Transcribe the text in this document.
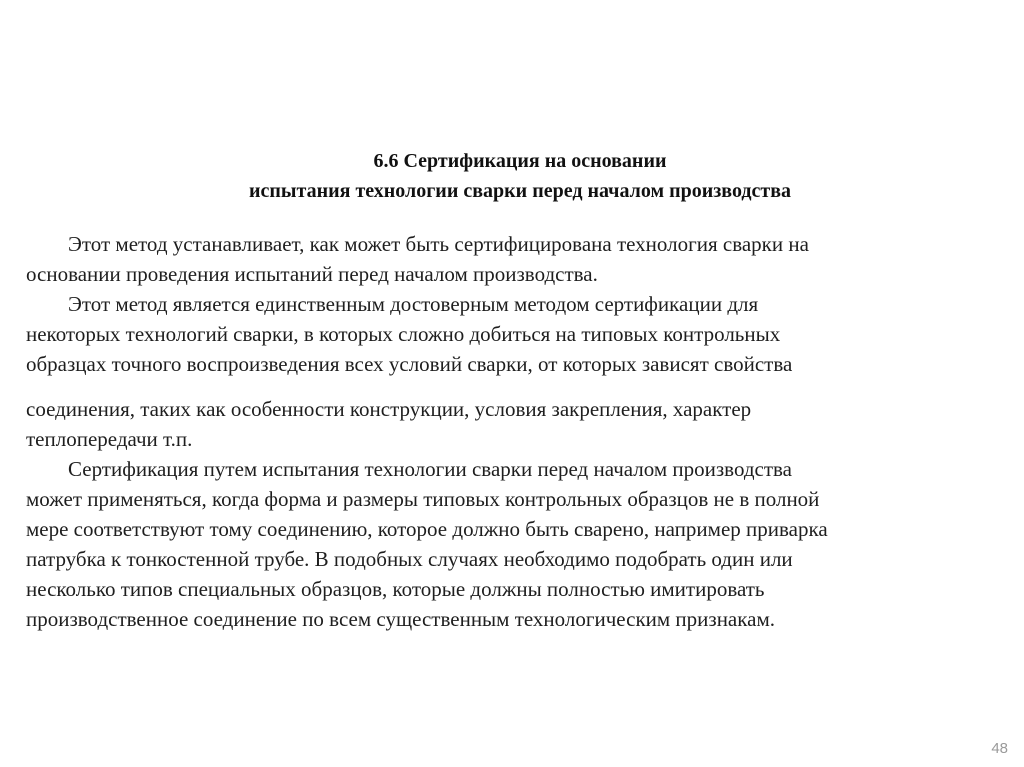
6.6 Сертификация на основании
испытания технологии сварки перед началом производства
Этот метод устанавливает, как может быть сертифицирована технология сварки на
основании проведения испытаний перед началом производства.
Этот метод является единственным достоверным методом сертификации для
некоторых технологий сварки, в которых сложно добиться на типовых контрольных
образцах точного воспроизведения всех условий сварки, от которых зависят свойства
соединения, таких как особенности конструкции, условия закрепления, характер
теплопередачи т.п.
Сертификация путем испытания технологии сварки перед началом производства
может применяться, когда форма и размеры типовых контрольных образцов не в полной
мере соответствуют тому соединению, которое должно быть сварено, например приварка
патрубка к тонкостенной трубе. В подобных случаях необходимо подобрать один или
несколько типов специальных образцов, которые должны полностью имитировать
производственное соединение по всем существенным технологическим признакам.
48
